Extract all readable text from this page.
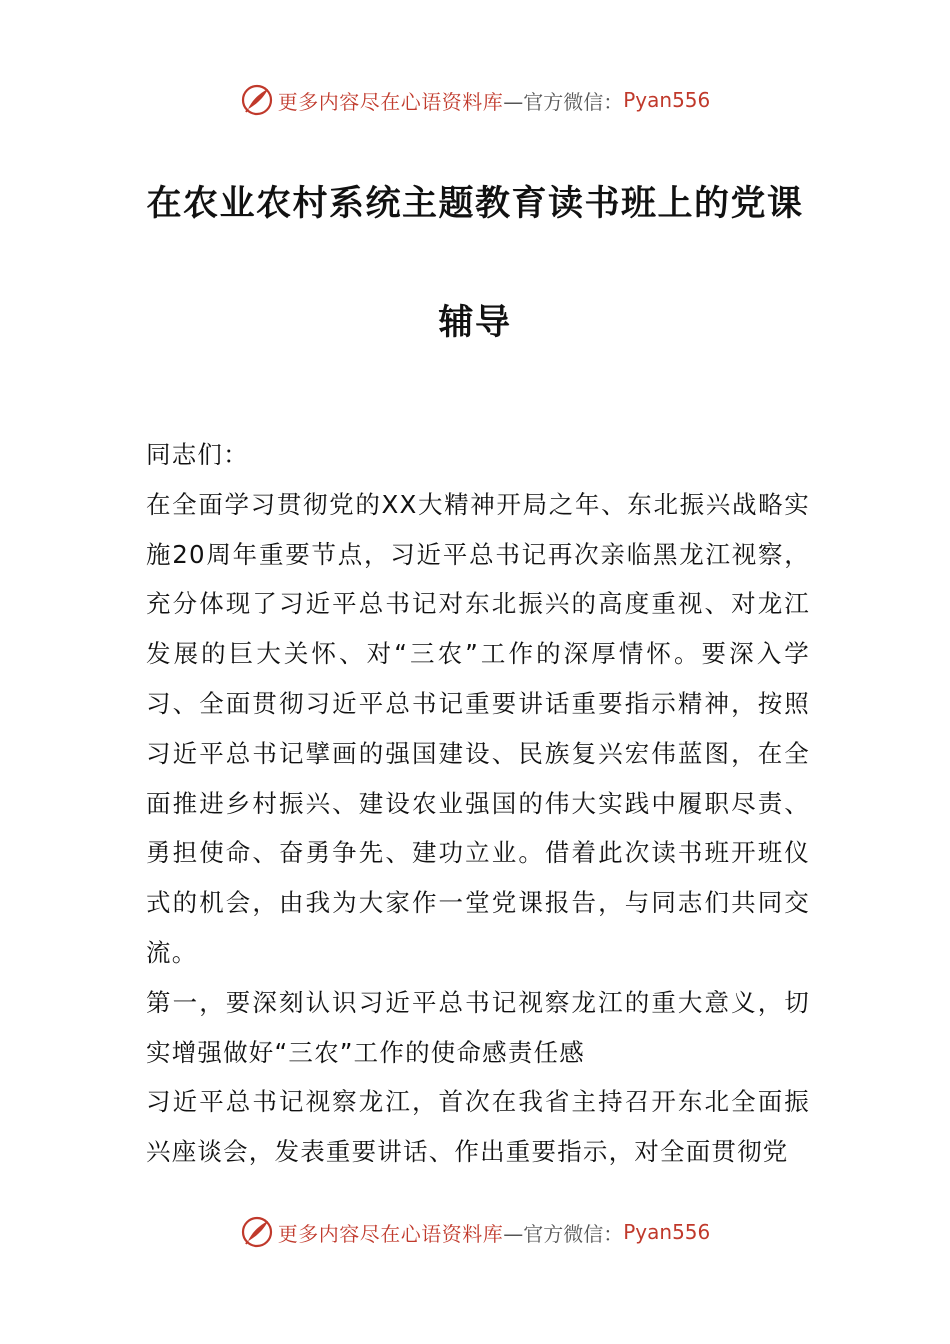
更多内容尽在心语资料库 —官方微信： Pyan556
在农业农村系统主题教育读书班上的党课
辅导

同志们：

在全面学习贯彻党的XX大精神开局之年、东北振兴战略实施20周年重要节点，习近平总书记再次亲临黑龙江视察，充分体现了习近平总书记对东北振兴的高度重视、对龙江发展的巨大关怀、对“三农”工作的深厚情怀。要深入学习、全面贯彻习近平总书记重要讲话重要指示精神，按照习近平总书记擘画的强国建设、民族复兴宏伟蓝图，在全面推进乡村振兴、建设农业强国的伟大实践中履职尽责、勇担使命、奋勇争先、建功立业。借着此次读书班开班仪式的机会，由我为大家作一堂党课报告，与同志们共同交流。

第一，要深刻认识习近平总书记视察龙江的重大意义，切实增强做好“三农”工作的使命感责任感

习近平总书记视察龙江，首次在我省主持召开东北全面振兴座谈会，发表重要讲话、作出重要指示，对全面贯彻党

更多内容尽在心语资料库 —官方微信： Pyan556
